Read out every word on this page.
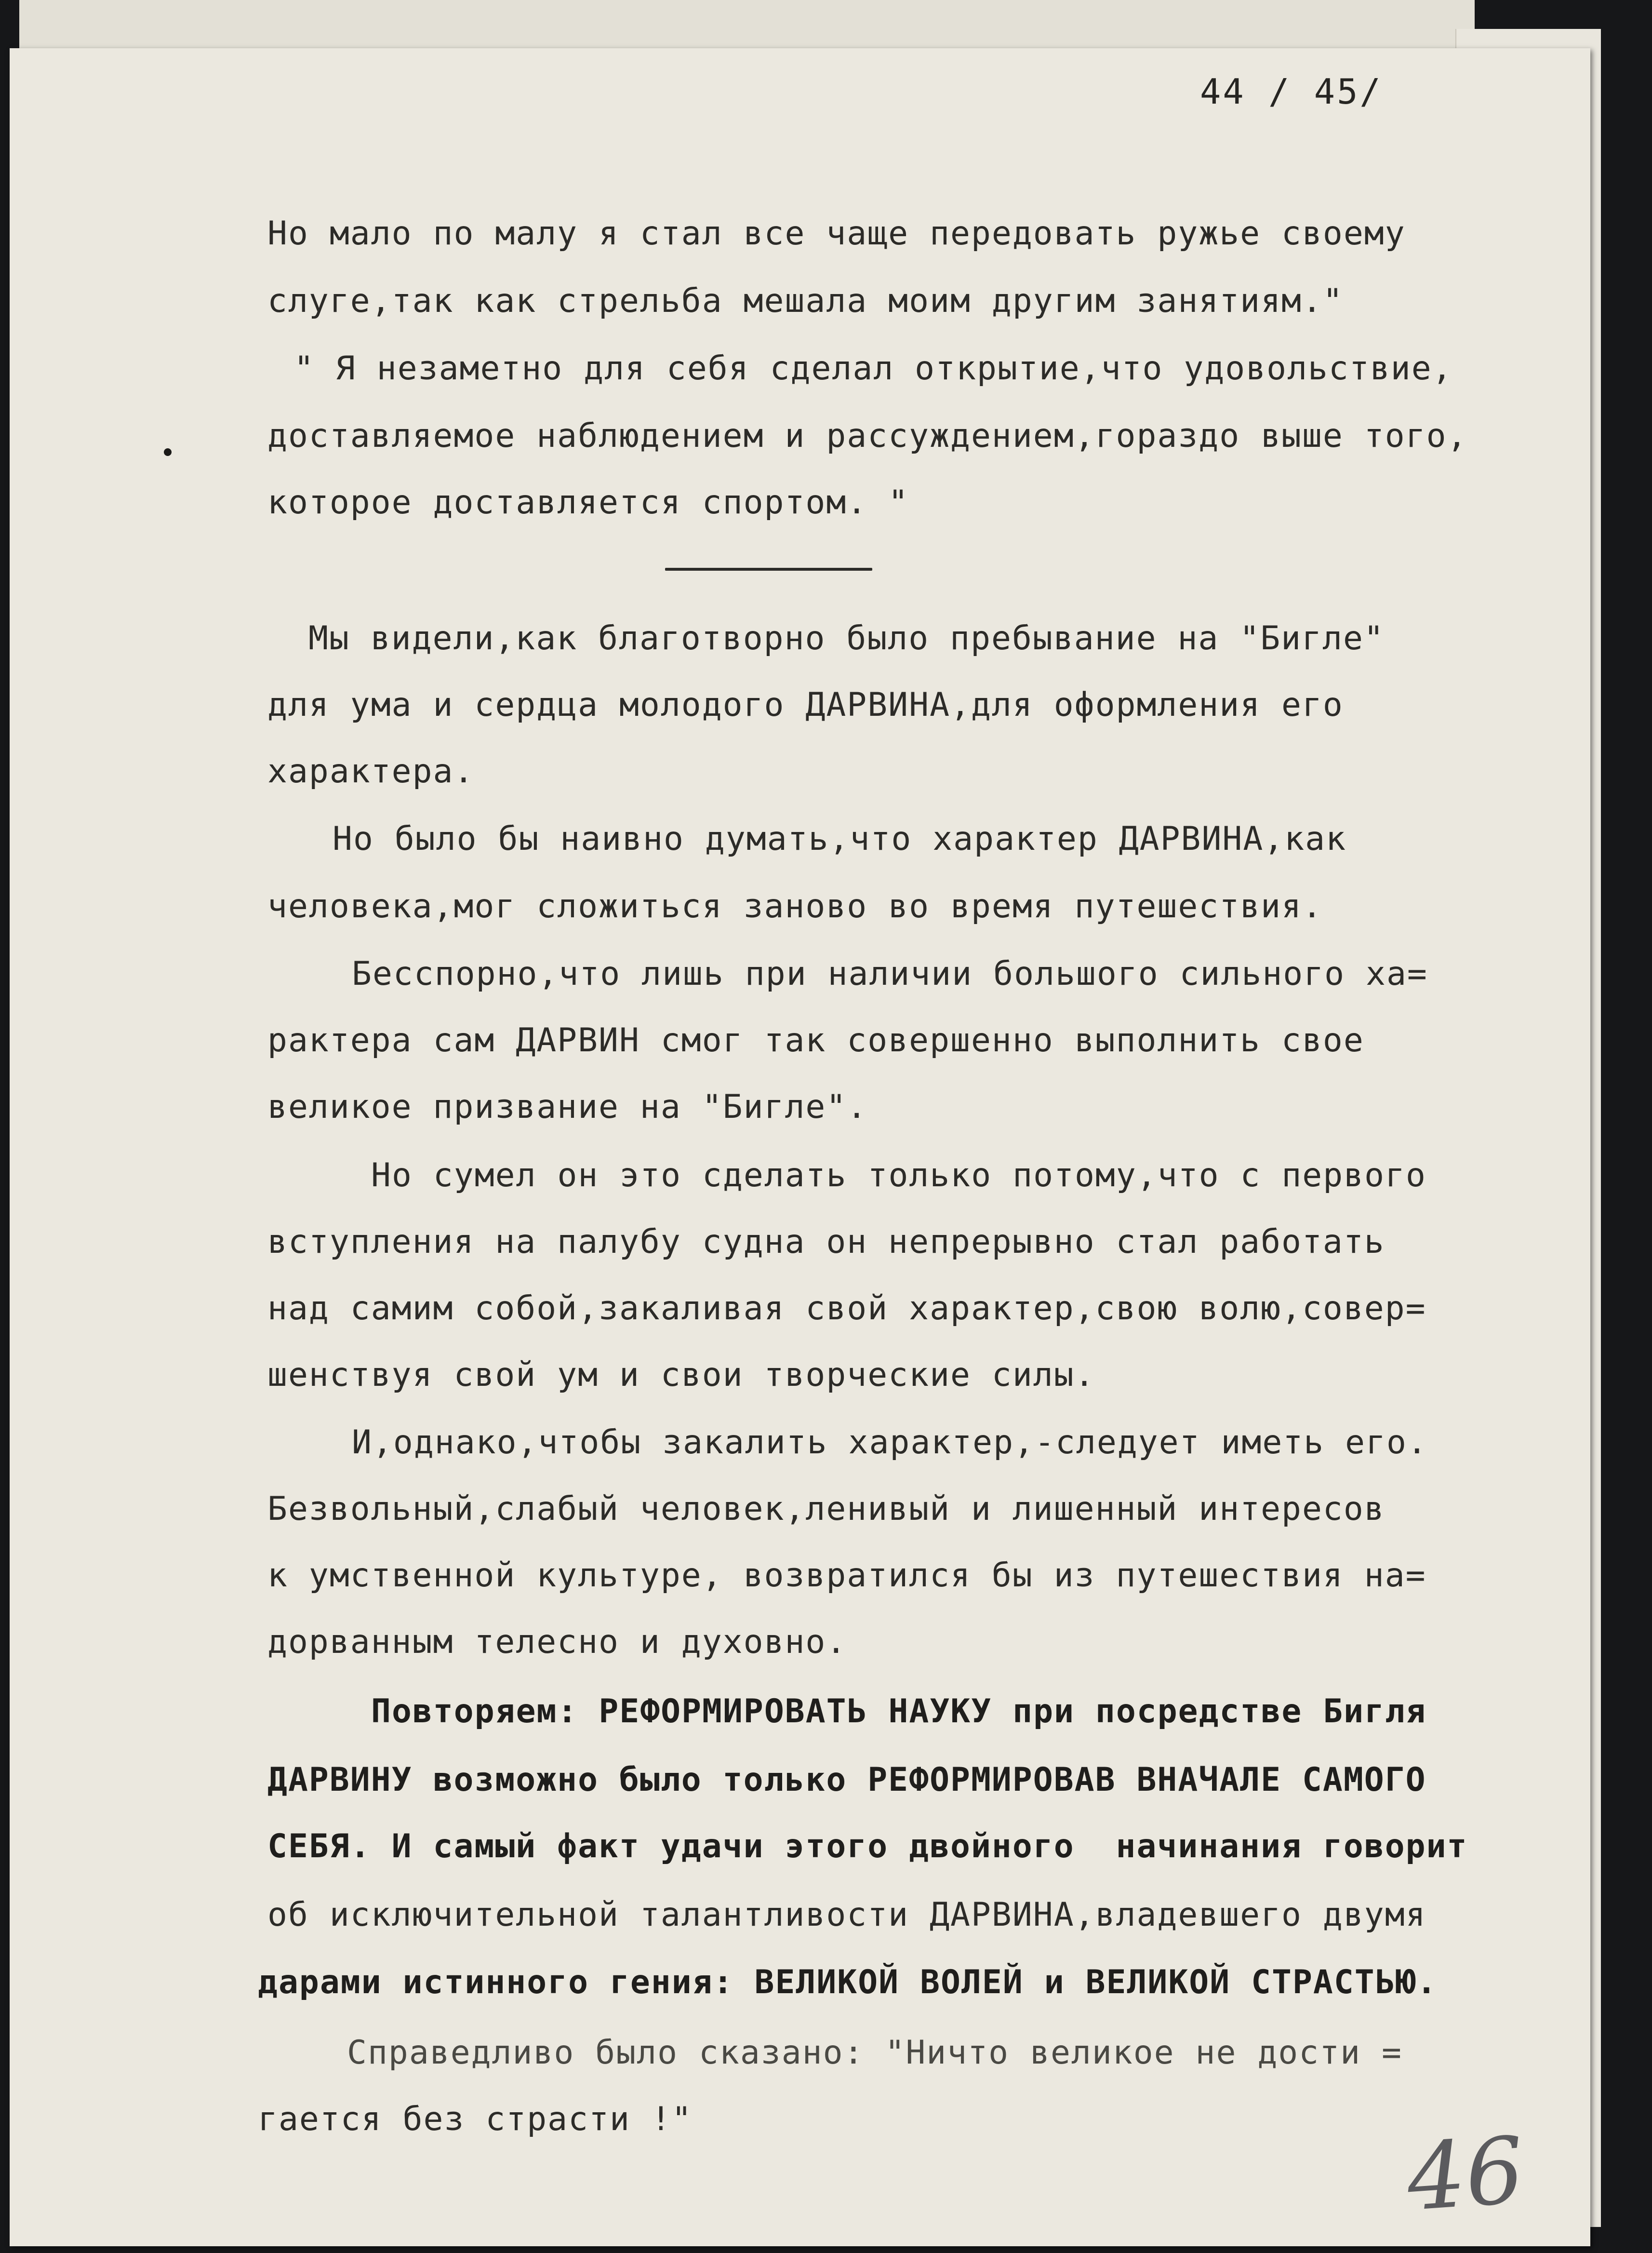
44 / 45/
Но мало по малу я стал все чаще передовать ружье своему
слуге,так как стрельба мешала моим другим занятиям."
" Я незаметно для себя сделал открытие,что удовольствие,
доставляемое наблюдением и рассуждением,гораздо выше того,
которое доставляется спортом. "
Мы видели,как благотворно было пребывание на "Бигле"
для ума и сердца молодого ДАРВИНА,для оформления его
характера.
Но было бы наивно думать,что характер ДАРВИНА,как
человека,мог сложиться заново во время путешествия.
Бесспорно,что лишь при наличии большого сильного ха=
рактера сам ДАРВИН смог так совершенно выполнить свое
великое призвание на "Бигле".
Но сумел он это сделать только потому,что с первого
вступления на палубу судна он непрерывно стал работать
над самим собой,закаливая свой характер,свою волю,совер=
шенствуя свой ум и свои творческие силы.
И,однако,чтобы закалить характер,-следует иметь его.
Безвольный,слабый человек,ленивый и лишенный интересов
к умственной культуре, возвратился бы из путешествия на=
дорванным телесно и духовно.
Повторяем: РЕФОРМИРОВАТЬ НАУКУ при посредстве Бигля
ДАРВИНУ возможно было только РЕФОРМИРОВАВ ВНАЧАЛЕ САМОГО
СЕБЯ. И самый факт удачи этого двойного  начинания говорит
об исключительной талантливости ДАРВИНА,владевшего двумя
дарами истинного гения: ВЕЛИКОЙ ВОЛЕЙ и ВЕЛИКОЙ СТРАСТЬЮ.
Справедливо было сказано: "Ничто великое не дости =
гается без страсти !"	46
